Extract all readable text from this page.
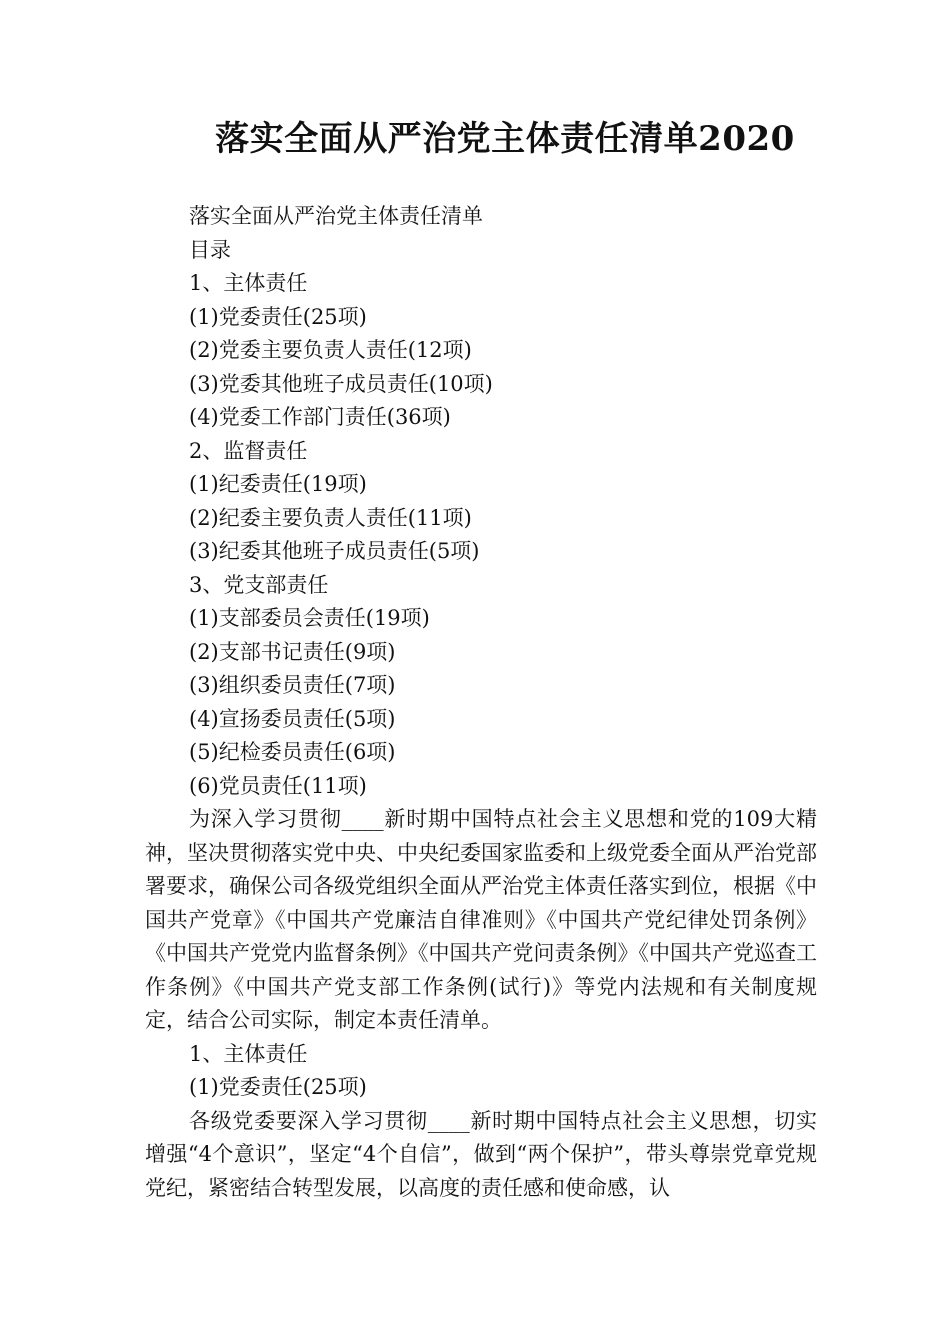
落实全面从严治党主体责任清单2020
落实全面从严治党主体责任清单
目录
1、主体责任
(1)党委责任(25项)
(2)党委主要负责人责任(12项)
(3)党委其他班子成员责任(10项)
(4)党委工作部门责任(36项)
2、监督责任
(1)纪委责任(19项)
(2)纪委主要负责人责任(11项)
(3)纪委其他班子成员责任(5项)
3、党支部责任
(1)支部委员会责任(19项)
(2)支部书记责任(9项)
(3)组织委员责任(7项)
(4)宣扬委员责任(5项)
(5)纪检委员责任(6项)
(6)党员责任(11项)

为深入学习贯彻____新时期中国特点社会主义思想和党的109大精神，坚决贯彻落实党中央、中央纪委国家监委和上级党委全面从严治党部署要求，确保公司各级党组织全面从严治党主体责任落实到位，根据《中国共产党章》《中国共产党廉洁自律准则》《中国共产党纪律处罚条例》《中国共产党党内监督条例》《中国共产党问责条例》《中国共产党巡查工作条例》《中国共产党支部工作条例(试行)》等党内法规和有关制度规定，结合公司实际，制定本责任清单。

1、主体责任
(1)党委责任(25项)

各级党委要深入学习贯彻____新时期中国特点社会主义思想，切实增强“4个意识”，坚定“4个自信”，做到“两个保护”，带头尊崇党章党规党纪，紧密结合转型发展，以高度的责任感和使命感，认
